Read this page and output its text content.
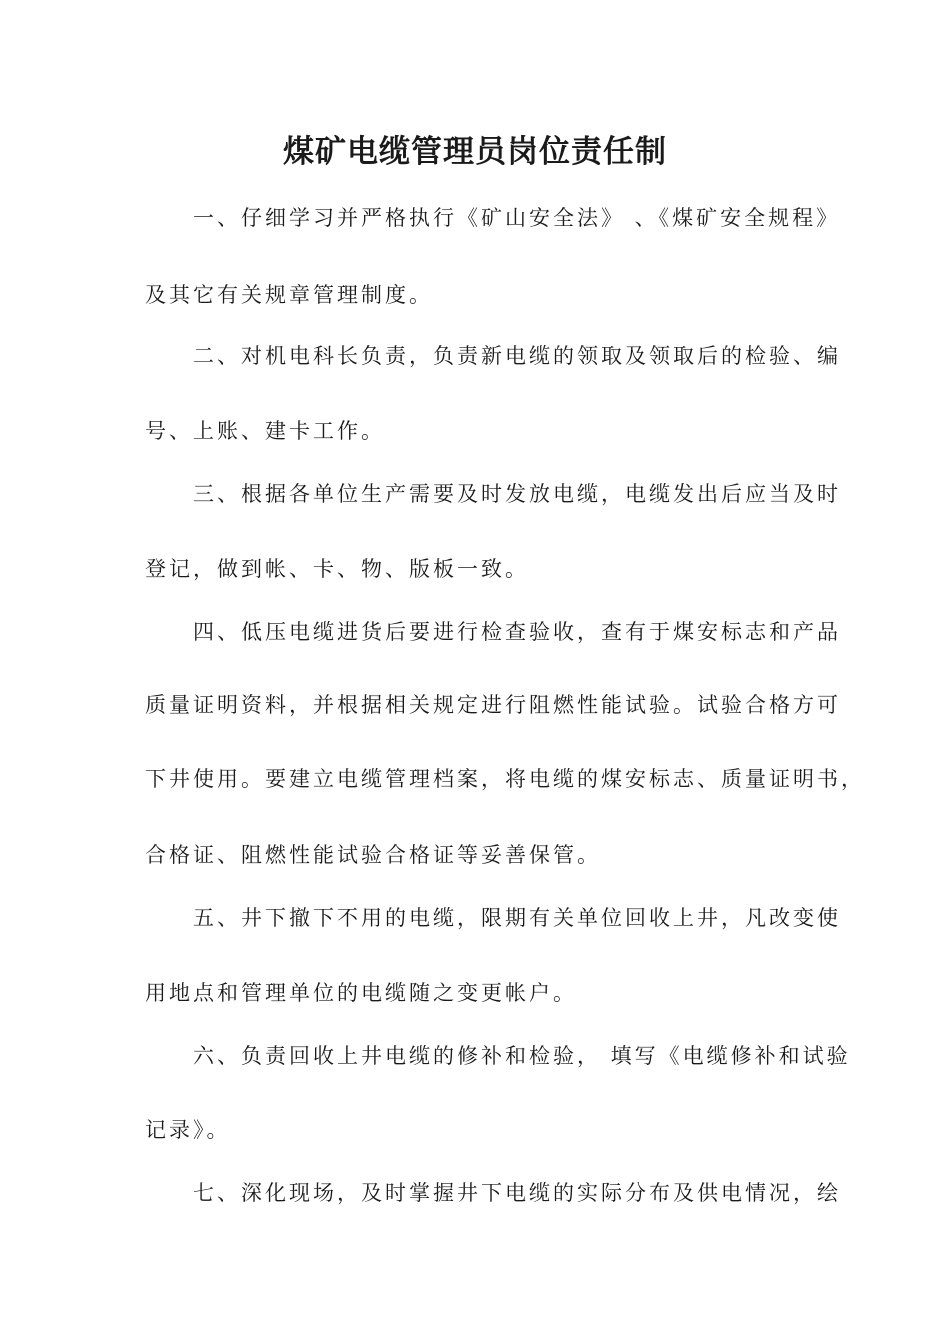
煤矿电缆管理员岗位责任制
一、仔细学习并严格执行《矿山安全法》 、《煤矿安全规程》
及其它有关规章管理制度。
二、对机电科长负责，负责新电缆的领取及领取后的检验、编
号、上账、建卡工作。
三、根据各单位生产需要及时发放电缆，电缆发出后应当及时
登记，做到帐、卡、物、版板一致。
四、低压电缆进货后要进行检查验收，查有于煤安标志和产品
质量证明资料，并根据相关规定进行阻燃性能试验。试验合格方可
下井使用。要建立电缆管理档案，将电缆的煤安标志、质量证明书，
合格证、阻燃性能试验合格证等妥善保管。
五、井下撤下不用的电缆，限期有关单位回收上井，凡改变使
用地点和管理单位的电缆随之变更帐户。
六、负责回收上井电缆的修补和检验， 填写《电缆修补和试验
记录》。
七、深化现场，及时掌握井下电缆的实际分布及供电情况，绘
